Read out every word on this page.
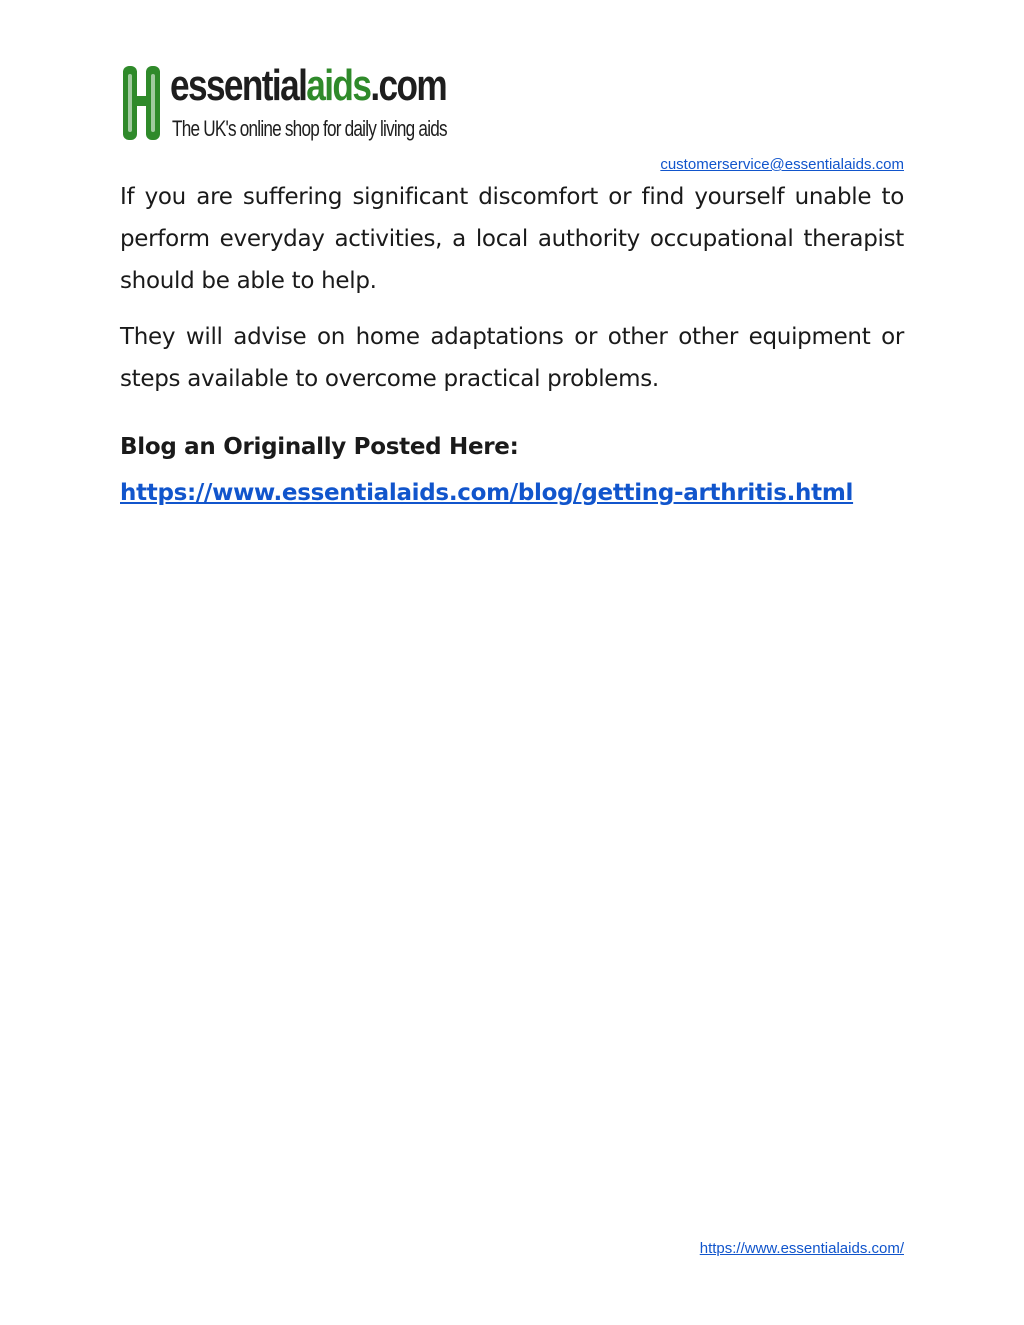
essentialaids.com
The UK's online shop for daily living aids
customerservice@essentialaids.com

If you are suffering significant discomfort or find yourself unable to perform everyday activities, a local authority occupational therapist should be able to help.

They will advise on home adaptations or other other equipment or steps available to overcome practical problems.

Blog an Originally Posted Here:
https://www.essentialaids.com/blog/getting-arthritis.html
https://www.essentialaids.com/
